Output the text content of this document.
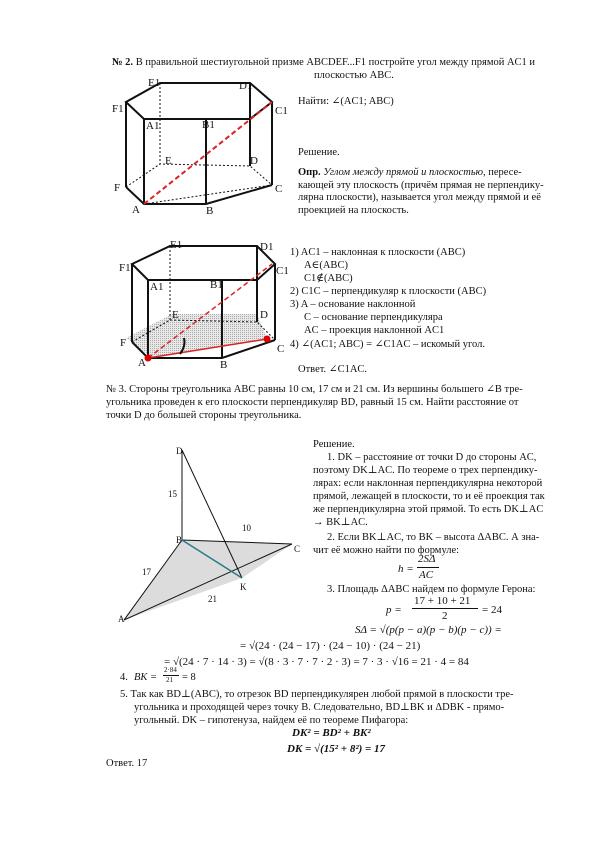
№ 2. В правильной шестиугольной призме ABCDEF...F1 постройте угол между прямой AC1 и
плоскостью ABC.
E1	D1
F1	C1
A1	B1
E	D
F	C
A	B
Найти: ∠(AC1; ABC)
Решение.
Опр. Углом между прямой и плоскостью, пересе-
кающей эту плоскость (причём прямая не перпендику-
лярна плоскости), называется угол между прямой и её
проекцией на плоскость.
E1	D1
F1	C1
A1	B1
E	D
F	C
A	B
1) AC1 – наклонная к плоскости (ABC)
A∈(ABC)
C1∉(ABC)
2) C1C – перпендикуляр к плоскости (ABC)
3) A – основание наклонной
C – основание перпендикуляра
AC – проекция наклонной AC1
4) ∠(AC1; ABC) = ∠C1AC – искомый угол.
Ответ. ∠C1AC.
№ 3. Стороны треугольника ABC равны 10 см, 17 см и 21 см. Из вершины большего ∠B тре-
угольника проведен к его плоскости перпендикуляр BD, равный 15 см. Найти расстояние от
точки D до большей стороны треугольника.
D
B
C
K
A
15
10
17
21
Решение.
1. DK – расстояние от точки D до стороны AC,
поэтому DK⊥AC. По теореме о трех перпендику-
лярах: если наклонная перпендикулярна некоторой
прямой, лежащей в плоскости, то и её проекция так
же перпендикулярна этой прямой. То есть DK⊥AC
→ BK⊥AC.
2. Если BK⊥AC, то BK – высота ΔABC. А зна-
чит её можно найти по формуле:
h =
2SΔ
AC
3. Площадь ΔABC найдем по формуле Герона:
p =
17 + 10 + 21
2	= 24
SΔ = √(p(p − a)(p − b)(p − c)) =
= √(24 · (24 − 17) · (24 − 10) · (24 − 21)
= √(24 · 7 · 14 · 3) = √(8 · 3 · 7 · 7 · 2 · 3) = 7 · 3 · √16 = 21 · 4 = 84
4. BK =
2·84
21 = 8
5. Так как BD⊥(ABC), то отрезок BD перпендикулярен любой прямой в плоскости тре-
угольника и проходящей через точку B. Следовательно, BD⊥BK и ΔDBK - прямо-
угольный. DK – гипотенуза, найдем её по теореме Пифагора:
DK² = BD² + BK²
DK = √(15² + 8²) = 17
Ответ. 17
